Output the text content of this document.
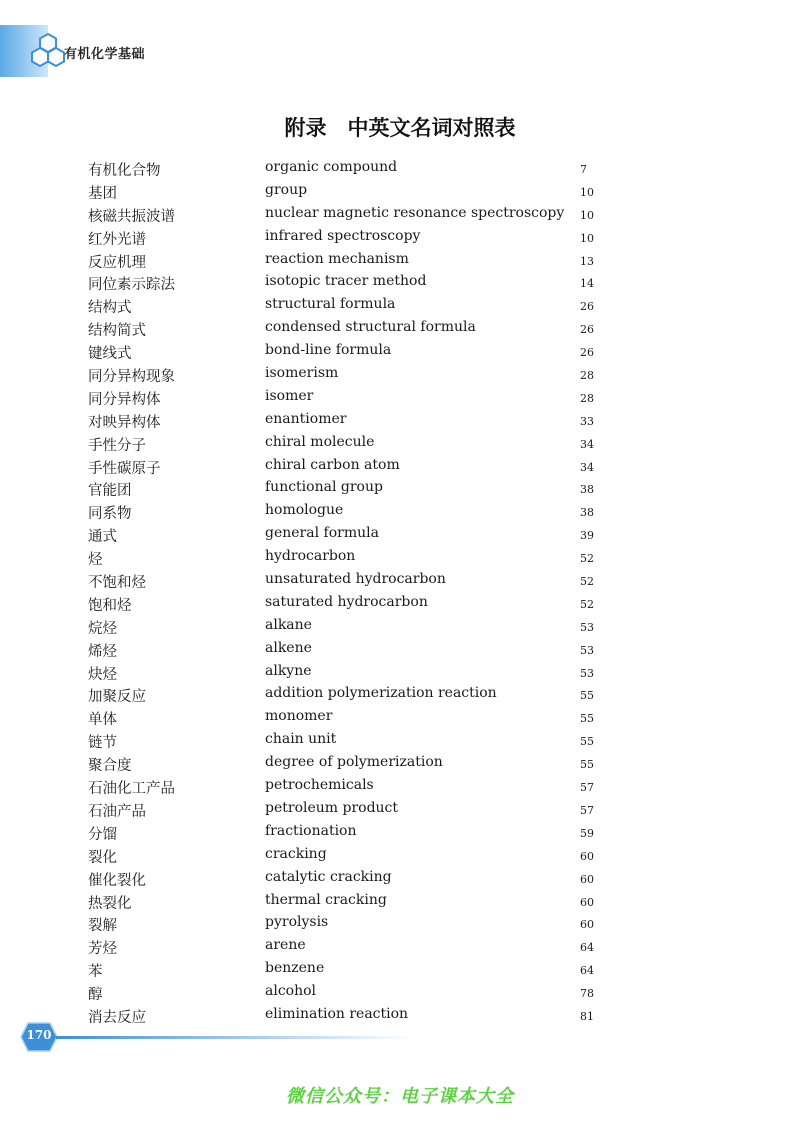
有机化学基础
附录　中英文名词对照表
有机化合物	organic compound	7
基团	group	10
核磁共振波谱	nuclear magnetic resonance spectroscopy 10
红外光谱	infrared spectroscopy	10
反应机理	reaction mechanism	13
同位素示踪法	isotopic tracer method	14
结构式	structural formula	26
结构简式	condensed structural formula	26
键线式	bond-line formula	26
同分异构现象	isomerism	28
同分异构体	isomer	28
对映异构体	enantiomer	33
手性分子	chiral molecule	34
手性碳原子	chiral carbon atom	34
官能团	functional group	38
同系物	homologue	38
通式	general formula	39
烃	hydrocarbon	52
不饱和烃	unsaturated hydrocarbon	52
饱和烃	saturated hydrocarbon	52
烷烃	alkane	53
烯烃	alkene	53
炔烃	alkyne	53
加聚反应	addition polymerization reaction	55
单体	monomer	55
链节	chain unit	55
聚合度	degree of polymerization	55
石油化工产品	petrochemicals	57
石油产品	petroleum product	57
分馏	fractionation	59
裂化	cracking	60
催化裂化	catalytic cracking	60
热裂化	thermal cracking	60
裂解	pyrolysis	60
芳烃	arene	64
苯	benzene	64
醇	alcohol	78
消去反应	elimination reaction	81
170
微信公众号：电子课本大全
